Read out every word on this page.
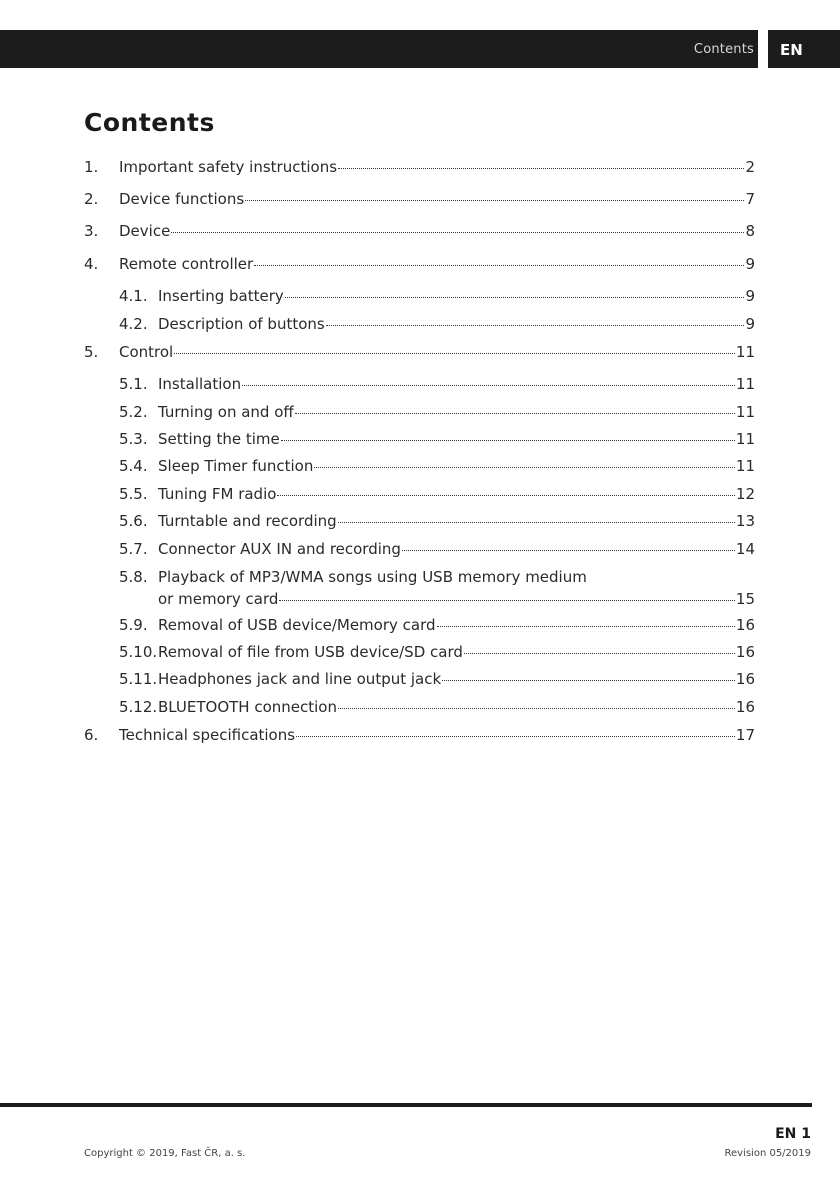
Contents	EN
Contents
1. Important safety instructions	2
2. Device functions	7
3. Device	8
4. Remote controller	9
4.1. Inserting battery	9
4.2. Description of buttons	9
5. Control	11
5.1. Installation	11
5.2. Turning on and off	11
5.3. Setting the time	11
5.4. Sleep Timer function	11
5.5. Tuning FM radio	12
5.6. Turntable and recording	13
5.7. Connector AUX IN and recording	14
5.8. Playback of MP3/WMA songs using USB memory medium
or memory card	15
5.9. Removal of USB device/Memory card	16
5.10. Removal of file from USB device/SD card	16
5.11. Headphones jack and line output jack	16
5.12. BLUETOOTH connection	16
6. Technical specifications	17
EN 1
Copyright © 2019, Fast ČR, a. s.	Revision 05/2019
